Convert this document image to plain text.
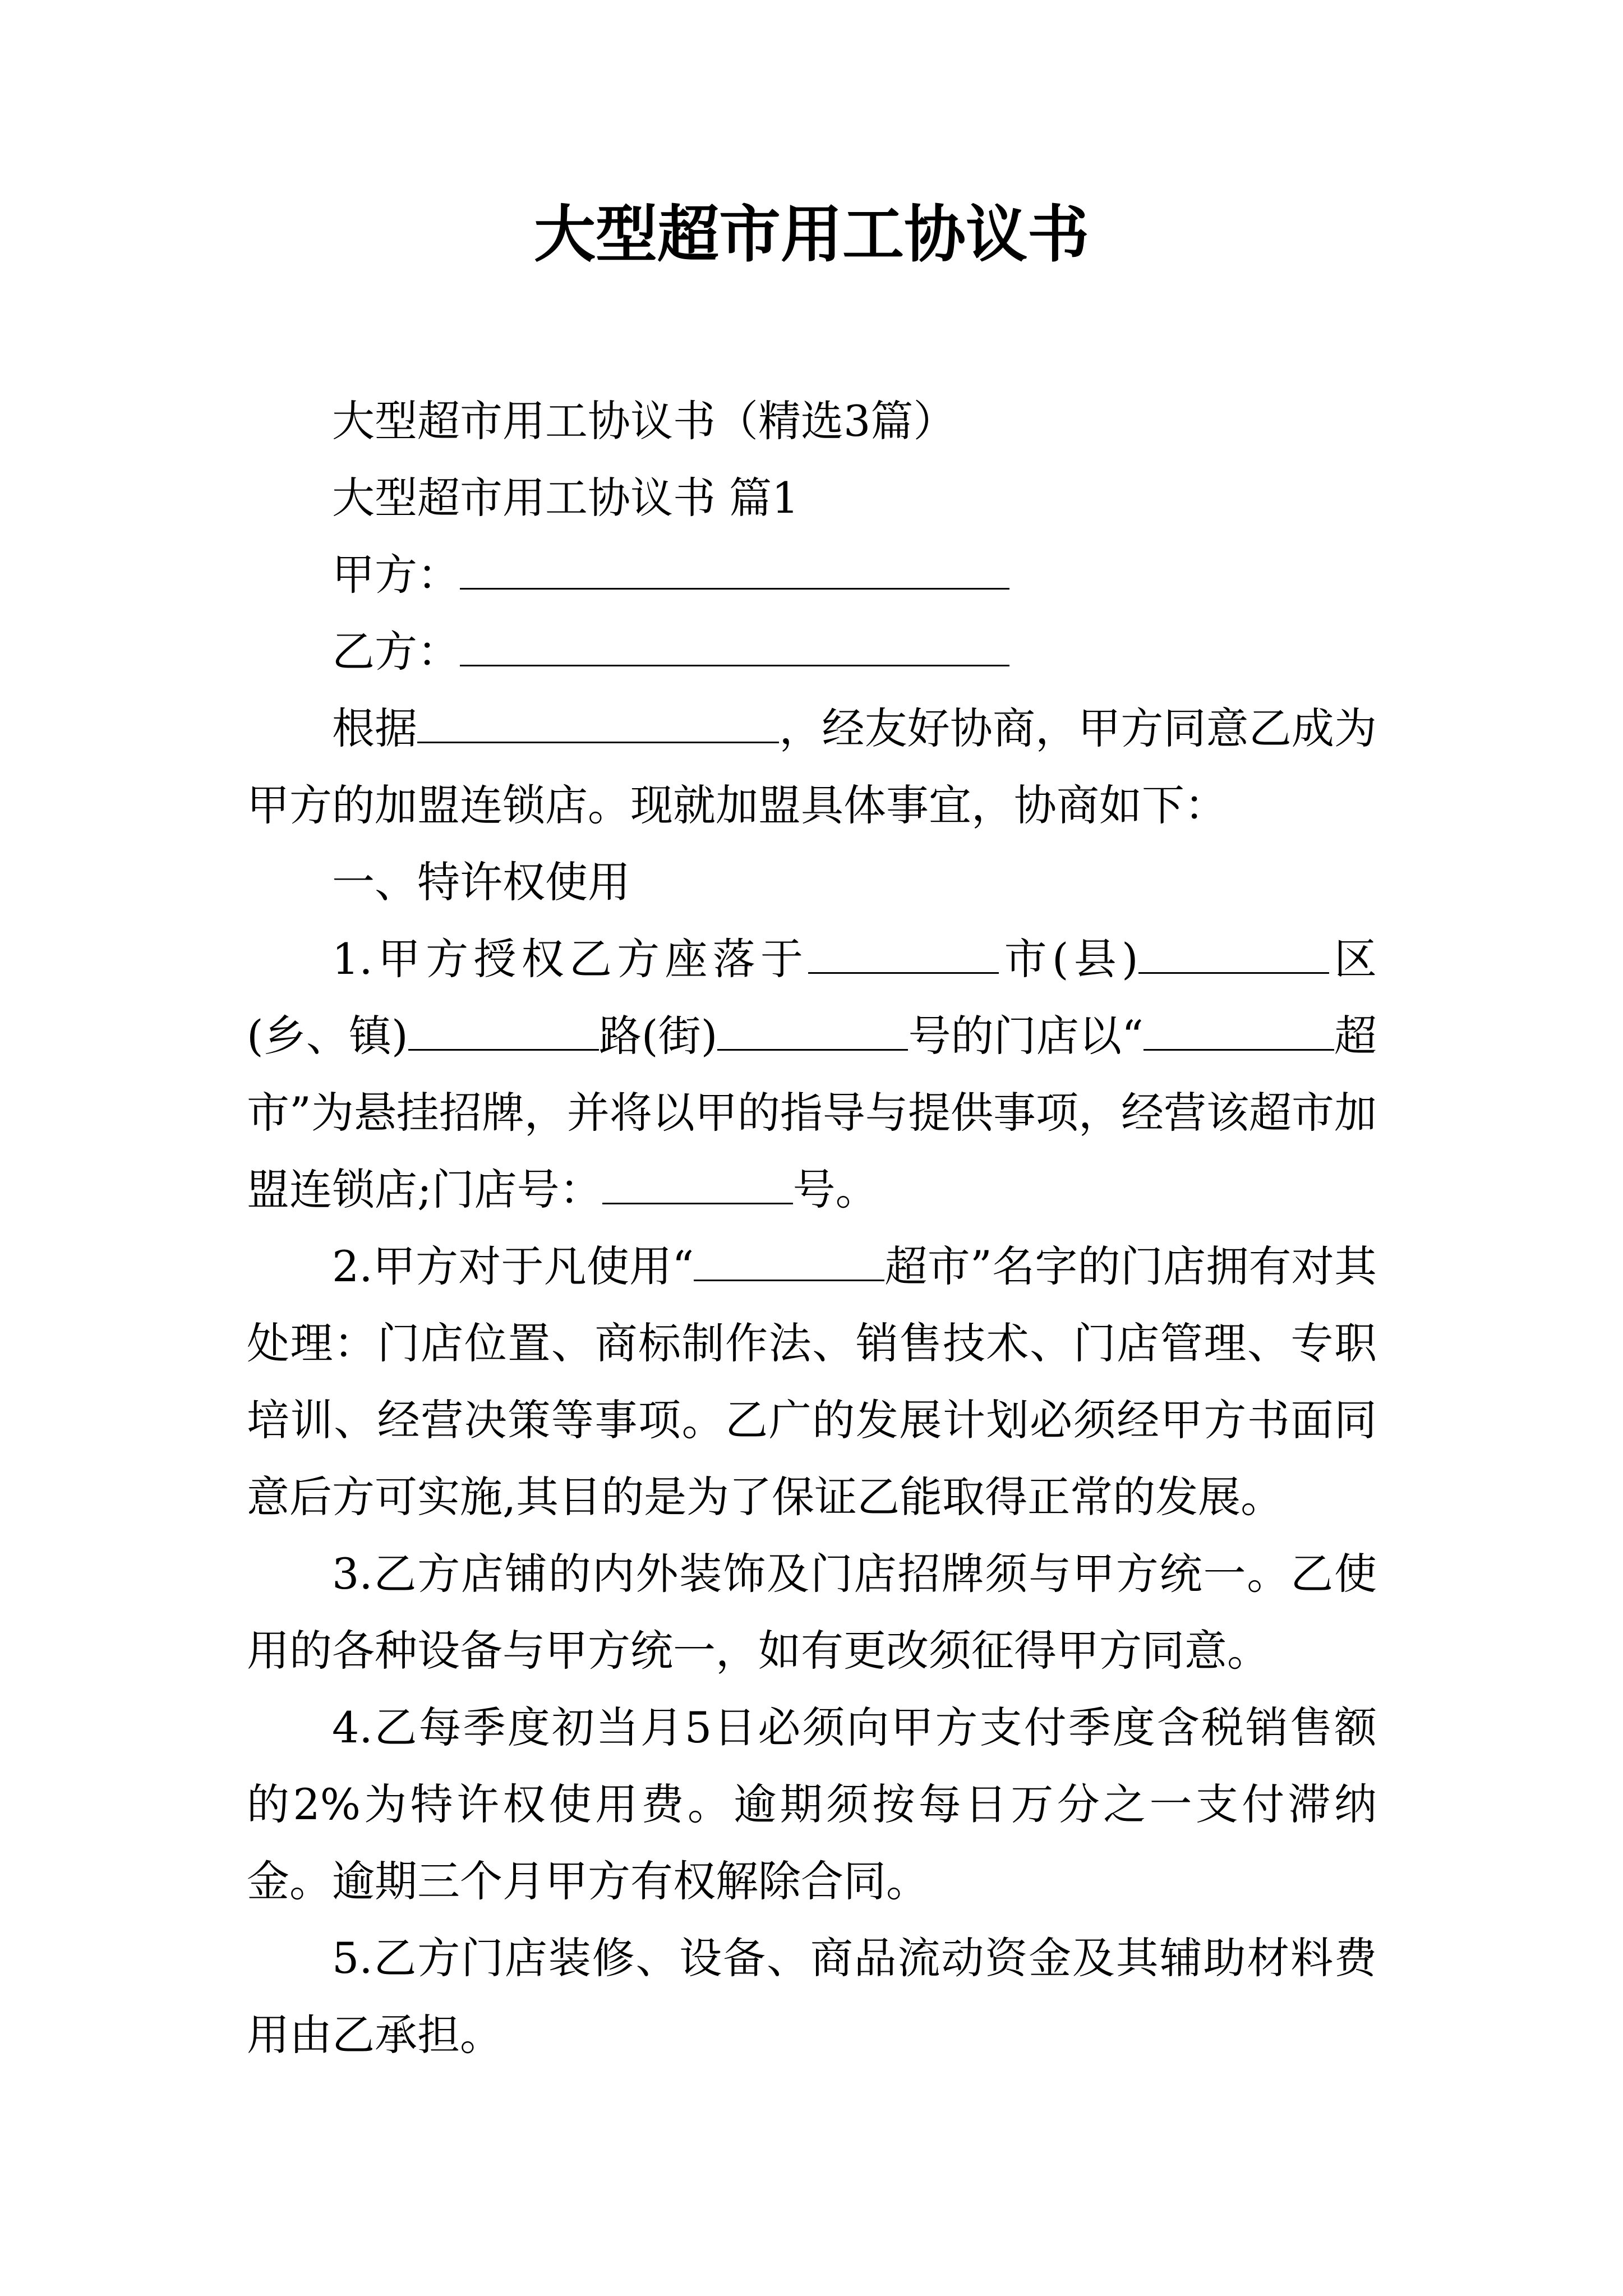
大型超市用工协议书

大型超市用工协议书（精选3篇）

大型超市用工协议书 篇1

甲方：

乙方：

根据	，经友好协商，甲方同意乙成为甲方的加盟连锁店。现就加盟具体事宜，协商如下：

一、特许权使用

1.甲方授权乙方座落于	市(县)	区(乡、镇)	路(街)	号的门店以“	超市”为悬挂招牌，并将以甲的指导与提供事项，经营该超市加盟连锁店;门店号：	号。

2.甲方对于凡使用“	超市”名字的门店拥有对其处理：门店位置、商标制作法、销售技术、门店管理、专职培训、经营决策等事项。乙广的发展计划必须经甲方书面同意后方可实施,其目的是为了保证乙能取得正常的发展。

3.乙方店铺的内外装饰及门店招牌须与甲方统一。乙使用的各种设备与甲方统一，如有更改须征得甲方同意。

4.乙每季度初当月5日必须向甲方支付季度含税销售额的2%为特许权使用费。逾期须按每日万分之一支付滞纳金。逾期三个月甲方有权解除合同。

5.乙方门店装修、设备、商品流动资金及其辅助材料费用由乙承担。
